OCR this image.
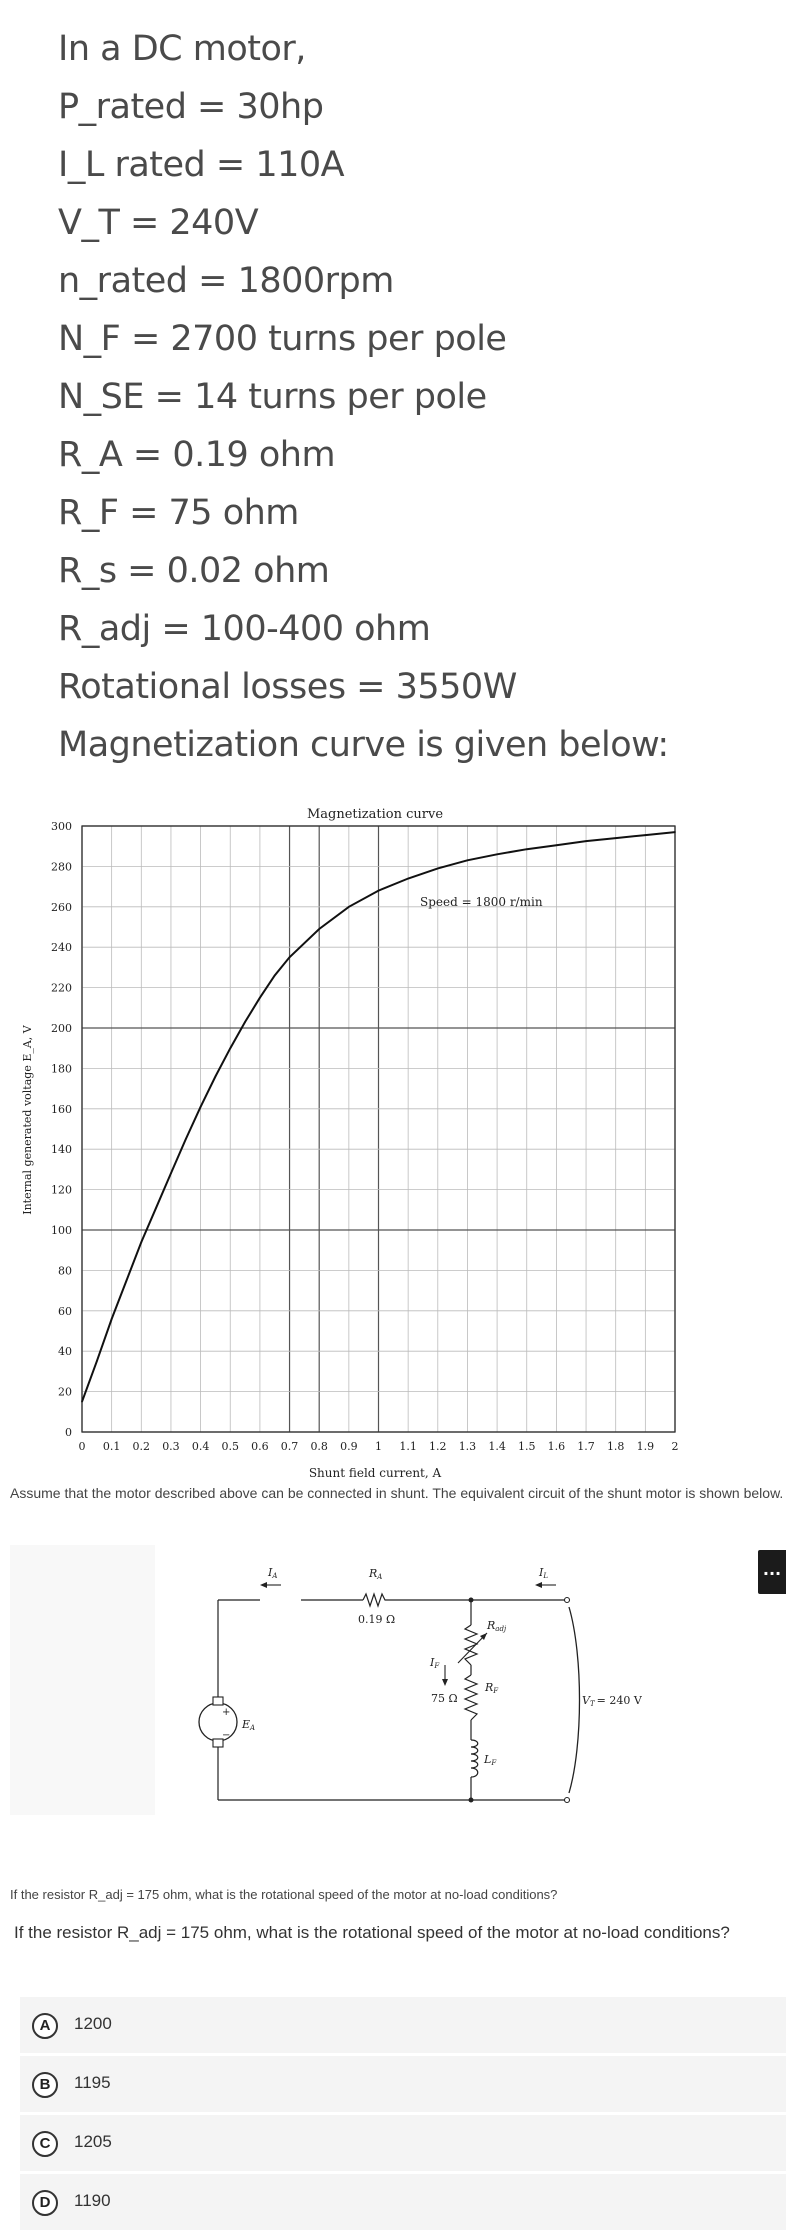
In a DC motor,
P_rated = 30hp
I_L rated = 110A
V_T = 240V
n_rated = 1800rpm
N_F = 2700 turns per pole
N_SE = 14 turns per pole
R_A = 0.19 ohm
R_F = 75 ohm
R_s = 0.02 ohm
R_adj = 100-400 ohm
Rotational losses = 3550W
Magnetization curve is given below:
0 0.1 0.2 0.3 0.4 0.5 0.6 0.7 0.8 0.9 1 1.1 1.2 1.3 1.4 1.5 1.6 1.7 1.8 1.9 2
0
20
40
60
80
100
120
140
160
180
200
220
240
260
280
300
Magnetization curve
Shunt field current, A
Internal generated voltage E_A, V
Speed = 1800 r/min
Assume that the motor described above can be connected in shunt. The equivalent circuit of the shunt motor is shown below.
+
−
IA	RA
0.19 Ω
IL
Radj
IF
RF
75 Ω
LF
EA
VT = 240 V
...
If the resistor R_adj = 175 ohm, what is the rotational speed of the motor at no-load conditions?
If the resistor R_adj = 175 ohm, what is the rotational speed of the motor at no-load conditions?
A	1200
B	1195
C	1205
D	1190
